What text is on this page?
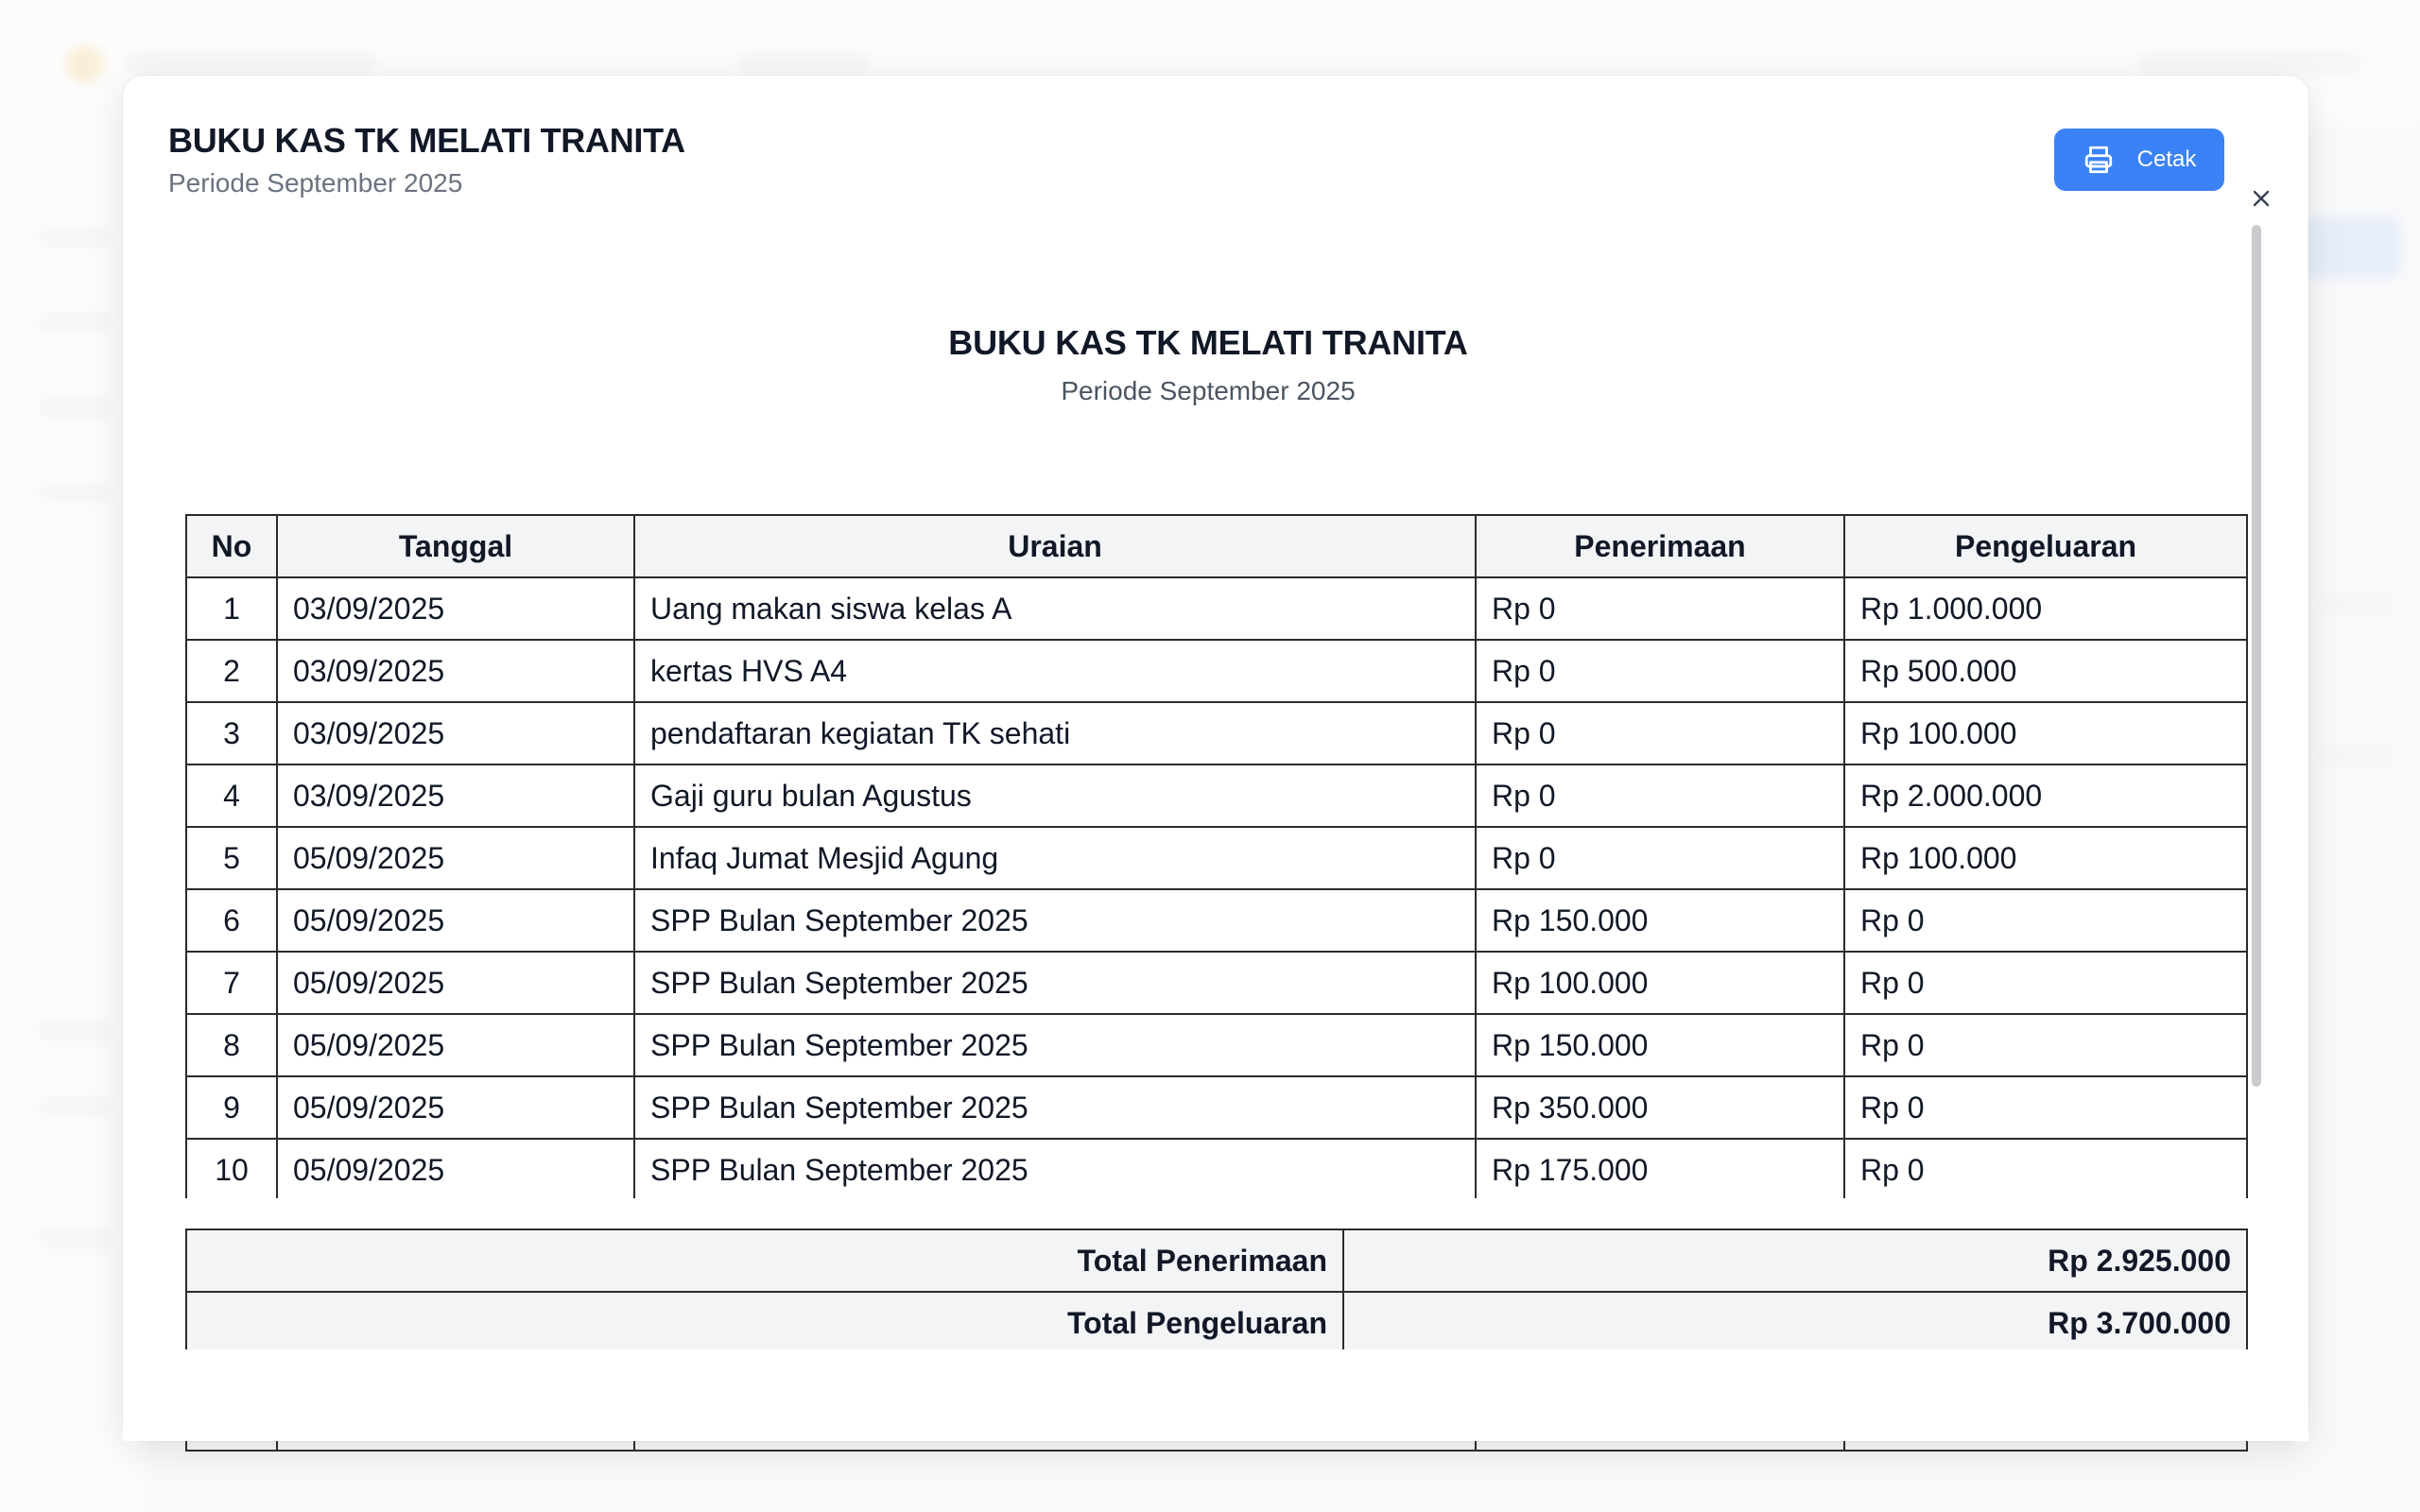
BUKU KAS TK MELATI TRANITA
Periode September 2025
Cetak
BUKU KAS TK MELATI TRANITA
Periode September 2025
No	Tanggal	Uraian	Penerimaan	Pengeluaran
1	03/09/2025	Uang makan siswa kelas A	Rp 0	Rp 1.000.000
2	03/09/2025	kertas HVS A4	Rp 0	Rp 500.000
3	03/09/2025	pendaftaran kegiatan TK sehati	Rp 0	Rp 100.000
4	03/09/2025	Gaji guru bulan Agustus	Rp 0	Rp 2.000.000
5	05/09/2025	Infaq Jumat Mesjid Agung	Rp 0	Rp 100.000
6	05/09/2025	SPP Bulan September 2025	Rp 150.000	Rp 0
7	05/09/2025	SPP Bulan September 2025	Rp 100.000	Rp 0
8	05/09/2025	SPP Bulan September 2025	Rp 150.000	Rp 0
9	05/09/2025	SPP Bulan September 2025	Rp 350.000	Rp 0
10	05/09/2025	SPP Bulan September 2025	Rp 175.000	Rp 0

Total Penerimaan	Rp 2.925.000
Total Pengeluaran	Rp 3.700.000
